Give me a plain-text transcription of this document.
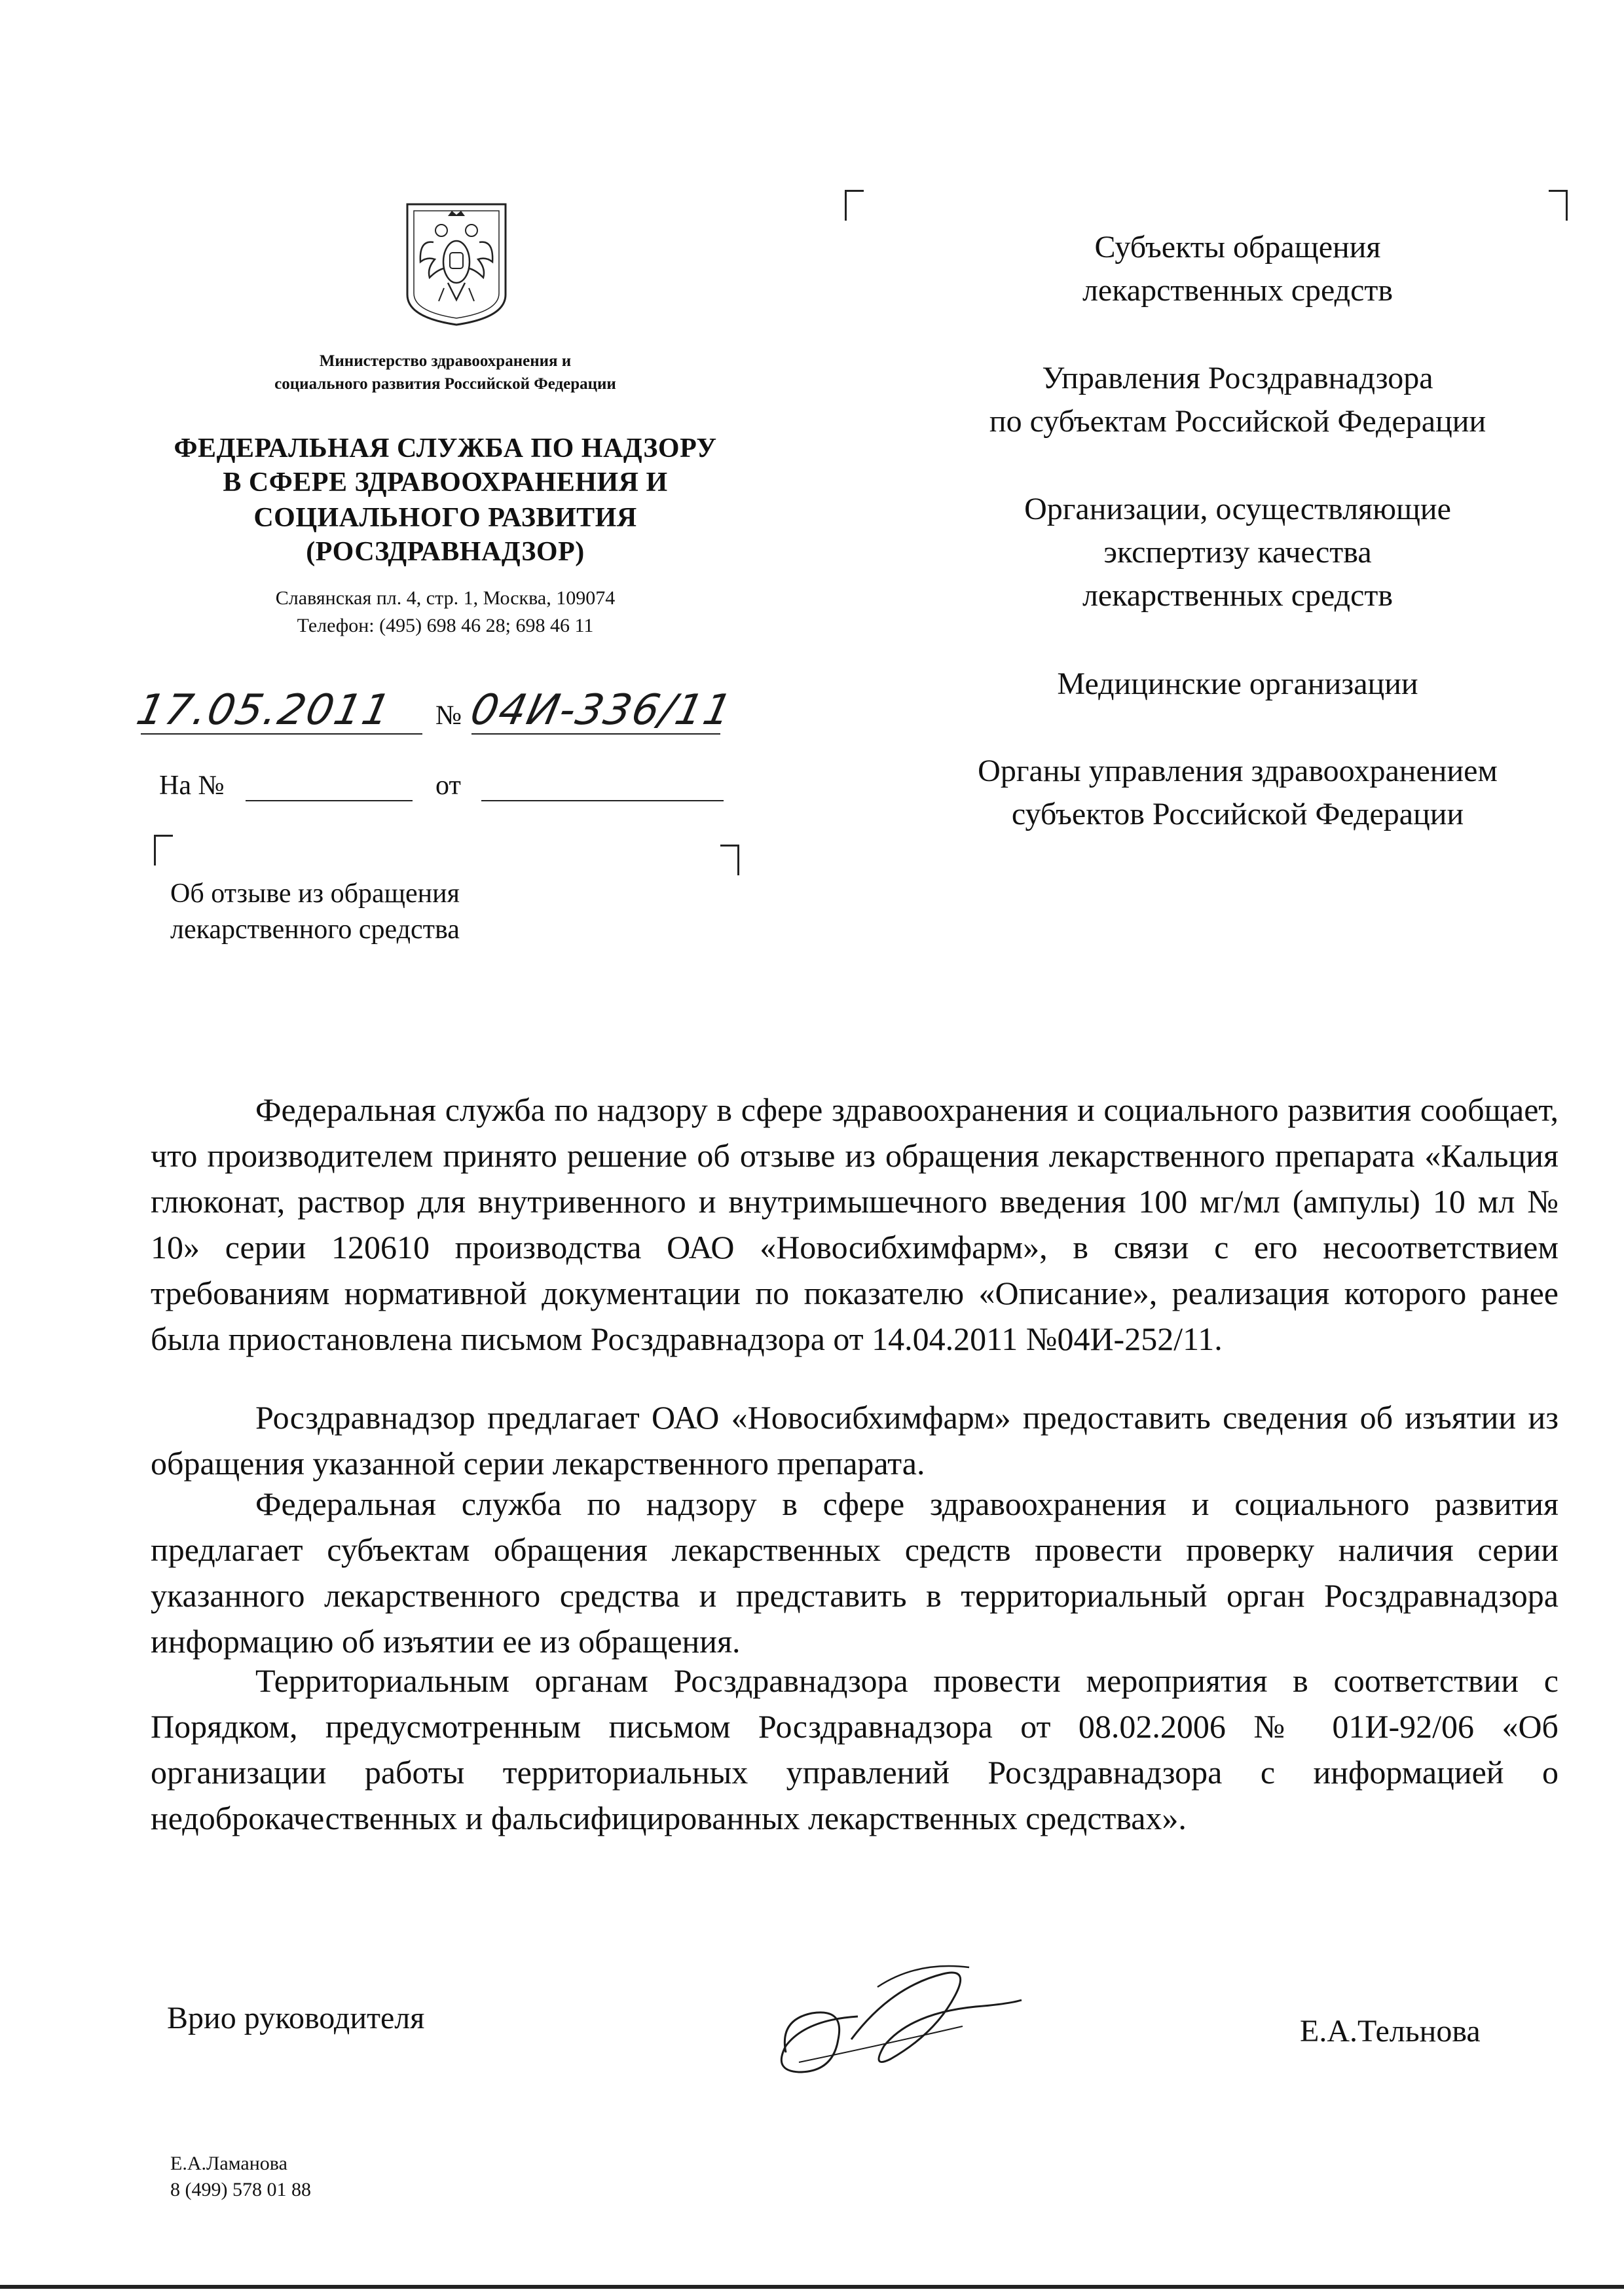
Министерство здравоохранения и
социального развития Российской Федерации
ФЕДЕРАЛЬНАЯ СЛУЖБА ПО НАДЗОРУ
В СФЕРЕ ЗДРАВООХРАНЕНИЯ И
СОЦИАЛЬНОГО РАЗВИТИЯ
(РОСЗДРАВНАДЗОР)
Славянская пл. 4, стр. 1, Москва, 109074
Телефон: (495) 698 46 28; 698 46 11
17.05.2011 № 04И-336/11
На №	от
Об отзыве из обращения
лекарственного средства
Субъекты обращения
лекарственных средств
Управления Росздравнадзора
по субъектам Российской Федерации
Организации, осуществляющие
экспертизу качества
лекарственных средств
Медицинские организации
Органы управления здравоохранением
субъектов Российской Федерации
Федеральная служба по надзору в сфере здравоохранения и социального развития сообщает, что производителем принято решение об отзыве из обращения лекарственного препарата «Кальция глюконат, раствор для внутривенного и внутримышечного введения 100 мг/мл (ампулы) 10 мл № 10» серии 120610 производства ОАО «Новосибхимфарм», в связи с его несоответствием требованиям нормативной документации по показателю «Описание», реализация которого ранее была приостановлена письмом Росздравнадзора от 14.04.2011 №04И-252/11.
Росздравнадзор предлагает ОАО «Новосибхимфарм» предоставить сведения об изъятии из обращения указанной серии лекарственного препарата.
Федеральная служба по надзору в сфере здравоохранения и социального развития предлагает субъектам обращения лекарственных средств провести проверку наличия серии указанного лекарственного средства и представить в территориальный орган Росздравнадзора информацию об изъятии ее из обращения.
Территориальным органам Росздравнадзора провести мероприятия в соответствии с Порядком, предусмотренным письмом Росздравнадзора от 08.02.2006 № 01И-92/06 «Об организации работы территориальных управлений Росздравнадзора с информацией о недоброкачественных и фальсифицированных лекарственных средствах».
Врио руководителя	Е.А.Тельнова
Е.А.Ламанова
8 (499) 578 01 88
